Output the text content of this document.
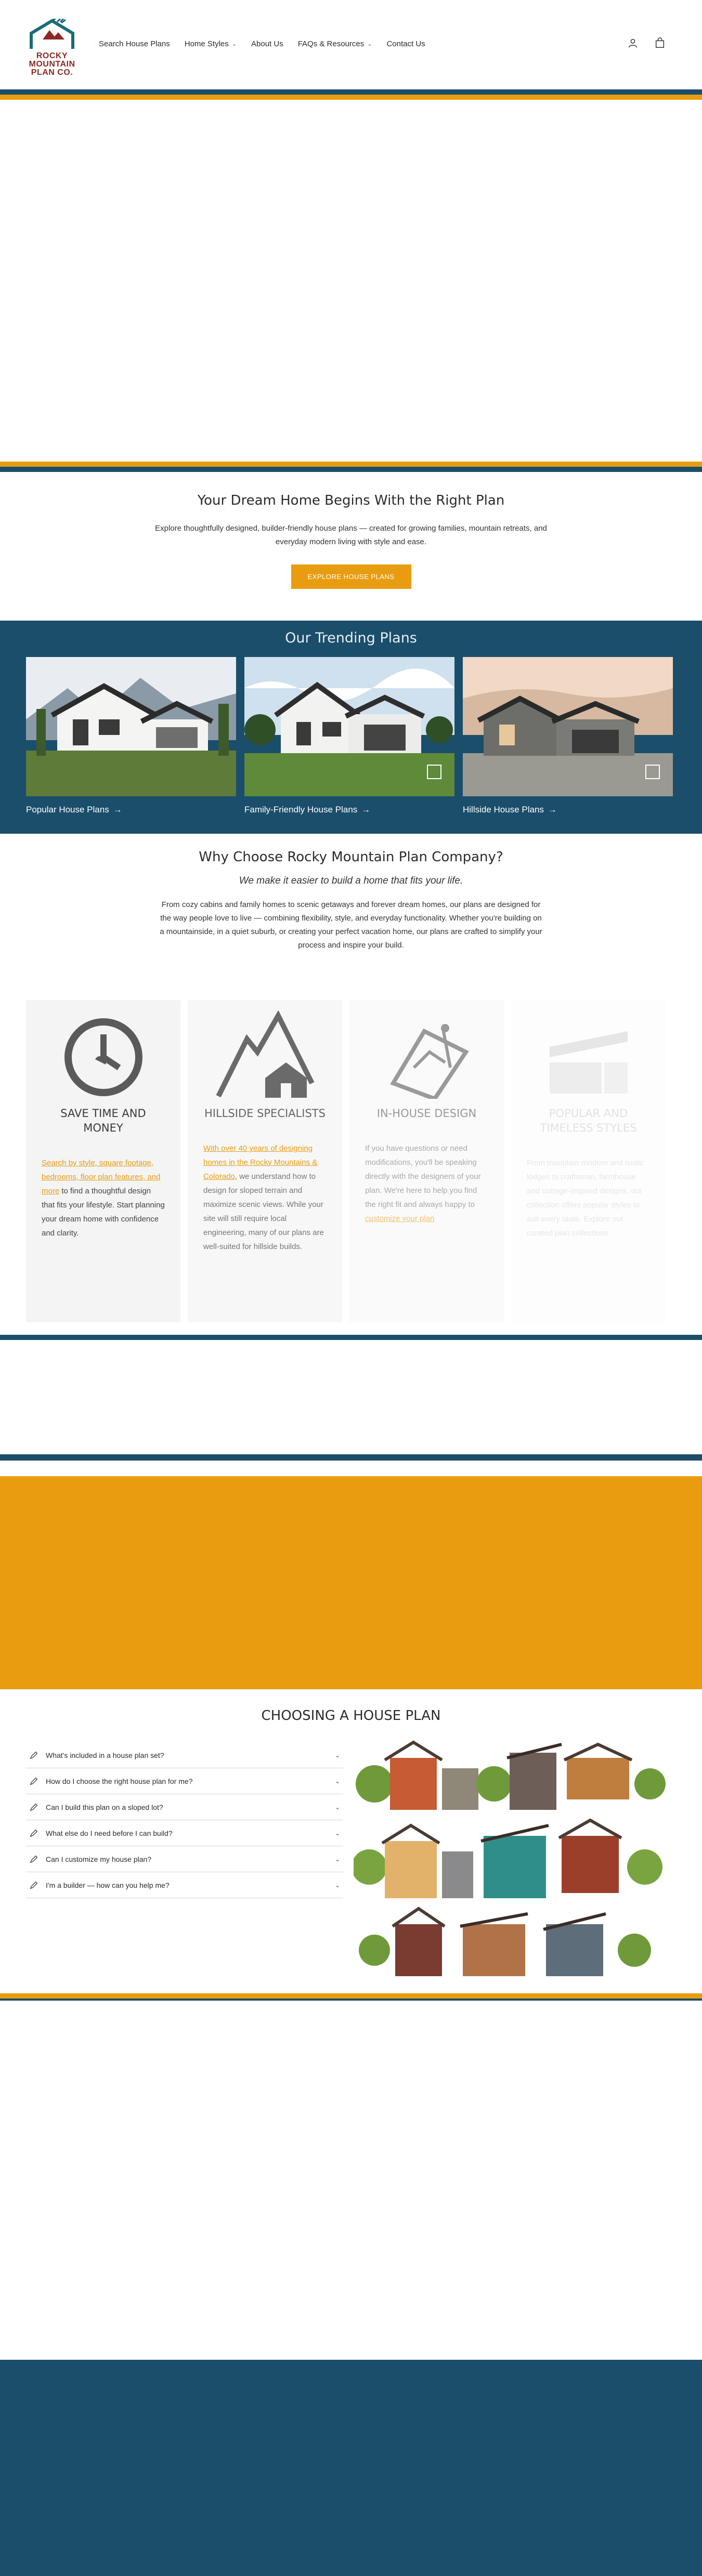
ROCKY
MOUNTAIN
PLAN CO.
Search House Plans Home Styles ⌄ About Us FAQs & Resources ⌄ Contact Us
Your Dream Home Begins With the Right Plan

Explore thoughtfully designed, builder-friendly house plans — created for growing families, mountain retreats, and everyday modern living with style and ease.

EXPLORE HOUSE PLANS
Our Trending Plans
Popular House Plans →	Family-Friendly House Plans →	Hillside House Plans →
Why Choose Rocky Mountain Plan Company?
We make it easier to build a home that fits your life.
From cozy cabins and family homes to scenic getaways and forever dream homes, our plans are designed for the way people love to live — combining flexibility, style, and everyday functionality. Whether you're building on a mountainside, in a quiet suburb, or creating your perfect vacation home, our plans are crafted to simplify your process and inspire your build.
SAVE TIME AND MONEY

Search by style, square footage, bedrooms, floor plan features, and more to find a thoughtful design that fits your lifestyle. Start planning your dream home with confidence and clarity.

HILLSIDE SPECIALISTS

With over 40 years of designing homes in the Rocky Mountains & Colorado, we understand how to design for sloped terrain and maximize scenic views. While your site will still require local engineering, many of our plans are well-suited for hillside builds.

IN-HOUSE DESIGN

If you have questions or need modifications, you'll be speaking directly with the designers of your plan. We're here to help you find the right fit and always happy to customize your plan

POPULAR AND TIMELESS STYLES

From mountain modern and rustic lodges to craftsman, farmhouse and cottage-inspired designs, our collection offers popular styles to suit every taste. Explore our curated plan collections.

CHOOSING A HOUSE PLAN
What's included in a house plan set?	⌄
How do I choose the right house plan for me?	⌄
Can I build this plan on a sloped lot?	⌄
What else do I need before I can build?	⌄
Can I customize my house plan?	⌄
I'm a builder — how can you help me?	⌄
